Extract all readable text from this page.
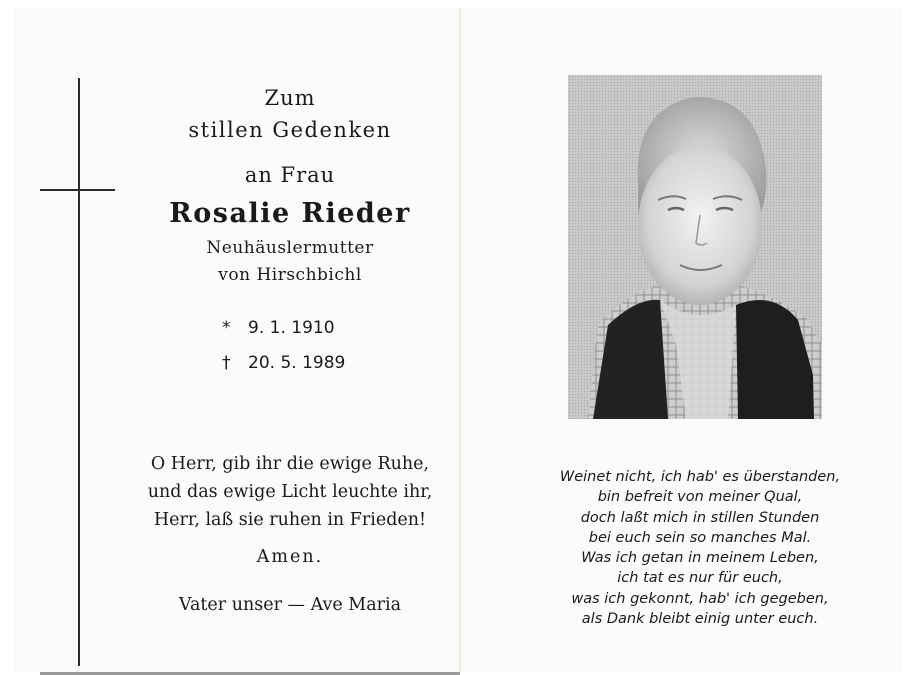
Zum
stillen Gedenken
an Frau
Rosalie Rieder
Neuhäuslermutter
von Hirschbichl
* 9. 1. 1910
† 20. 5. 1989
O Herr, gib ihr die ewige Ruhe,
und das ewige Licht leuchte ihr,
Herr, laß sie ruhen in Frieden!
Amen.
Vater unser — Ave Maria
Weinet nicht, ich hab' es überstanden,
bin befreit von meiner Qual,
doch laßt mich in stillen Stunden
bei euch sein so manches Mal.
Was ich getan in meinem Leben,
ich tat es nur für euch,
was ich gekonnt, hab' ich gegeben,
als Dank bleibt einig unter euch.
